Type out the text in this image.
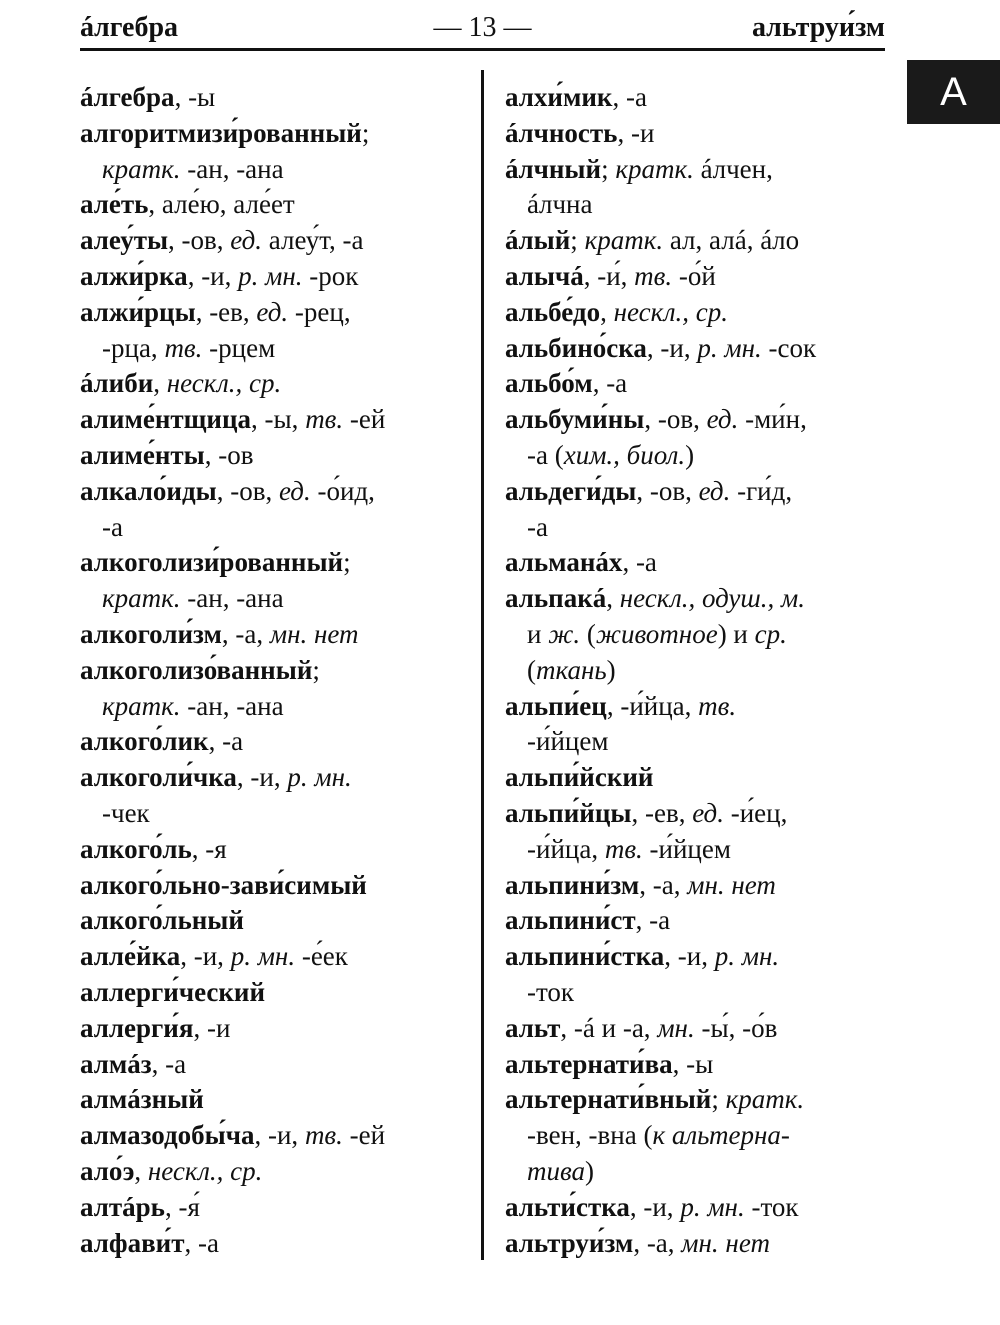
áлгебра	— 13 —	альтруи́зм
А
áлгебра, -ы
алгоритмизи́рованный;
кратк. -ан, -ана
але́ть, але́ю, але́ет
алеу́ты, -ов, ед. алеу́т, -а
алжи́рка, -и, р. мн. -рок
алжи́рцы, -ев, ед. -рец,
-рца, тв. -рцем
áлиби, нескл., ср.
алиме́нтщица, -ы, тв. -ей
алиме́нты, -ов
алкало́иды, -ов, ед. -о́ид,
-а
алкоголизи́рованный;
кратк. -ан, -ана
алкоголи́зм, -а, мн. нет
алкоголизо́ванный;
кратк. -ан, -ана
алкого́лик, -а
алкоголи́чка, -и, р. мн.
-чек
алкого́ль, -я
алкого́льно-зави́симый
алкого́льный
алле́йка, -и, р. мн. -е́ек
аллерги́ческий
аллерги́я, -и
алмáз, -а
алмáзный
алмазодобы́ча, -и, тв. -ей
ало́э, нескл., ср.
алтáрь, -я́
алфави́т, -а
алхи́мик, -а
áлчность, -и
áлчный; кратк. áлчен,
áлчна
áлый; кратк. ал, алá, áло
алычá, -и́, тв. -о́й
альбе́до, нескл., ср.
альбино́ска, -и, р. мн. -сок
альбо́м, -а
альбуми́ны, -ов, ед. -ми́н,
-а (хим., биол.)
альдеги́ды, -ов, ед. -ги́д,
-а
альманáх, -а
альпакá, нескл., одуш., м.
и ж. (животное) и ср.
(ткань)
альпи́ец, -и́йца, тв.
-и́йцем
альпи́йский
альпи́йцы, -ев, ед. -и́ец,
-и́йца, тв. -и́йцем
альпини́зм, -а, мн. нет
альпини́ст, -а
альпини́стка, -и, р. мн.
-ток
альт, -á и -а, мн. -ы́, -о́в
альтернати́ва, -ы
альтернати́вный; кратк.
-вен, -вна (к альтерна-
тива)
альти́стка, -и, р. мн. -ток
альтруи́зм, -а, мн. нет
